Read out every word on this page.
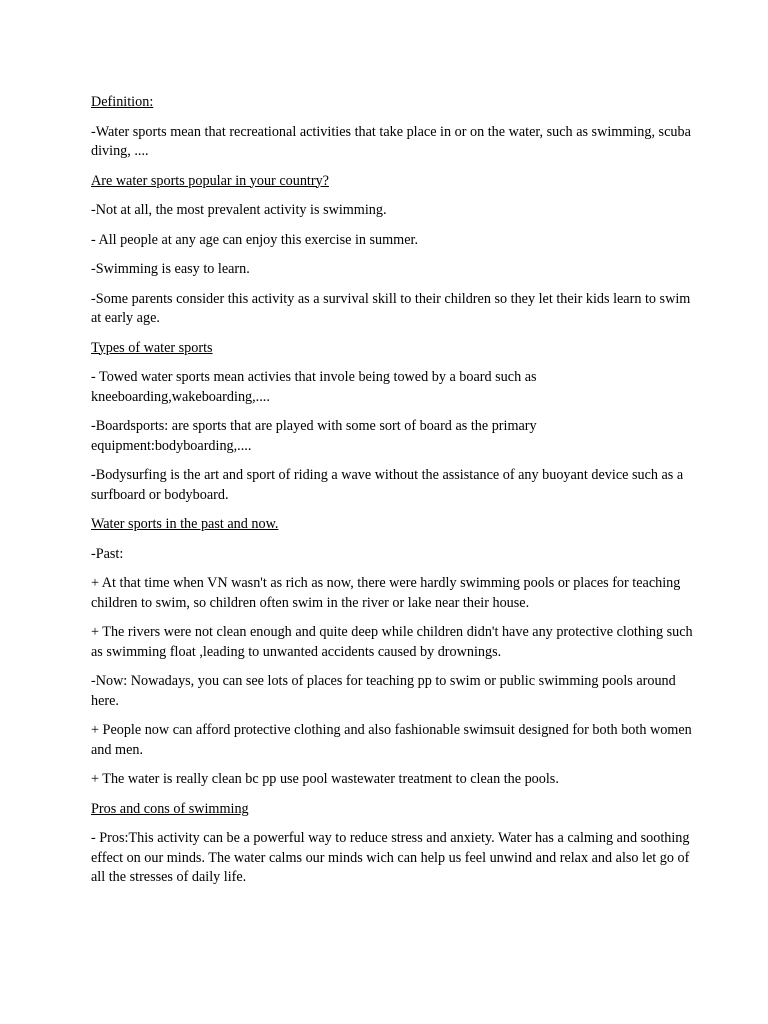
Definition:

-Water sports mean that recreational activities that take place in or on the water, such as swimming, scuba diving, ....

Are water sports popular in your country?

-Not at all, the most prevalent activity is swimming.

- All people at any age can enjoy this exercise in summer.

-Swimming is easy to learn.

-Some parents consider this activity as a survival skill to their children so they let their kids learn to swim at early age.

Types of water sports

- Towed water sports mean activies that invole being towed by a board such as kneeboarding,wakeboarding,....

-Boardsports: are sports that are played with some sort of board as the primary equipment:bodyboarding,....

-Bodysurfing is the art and sport of riding a wave without the assistance of any buoyant device such as a surfboard or bodyboard.

Water sports in the past and now.

-Past:

+ At that time when VN wasn't as rich as now, there were hardly swimming pools or places for teaching children to swim, so children often swim in the river or lake near their house.

+ The rivers were not clean enough and quite deep while children didn't have any protective clothing such as swimming float ,leading to unwanted accidents caused by drownings.

-Now: Nowadays, you can see lots of places for teaching pp to swim or public swimming pools around here.

+ People now can afford protective clothing and also fashionable swimsuit designed for both both women and men.

+ The water is really clean bc pp use pool wastewater treatment to clean the pools.

Pros and cons of swimming

- Pros:This activity can be a powerful way to reduce stress and anxiety. Water has a calming and soothing effect on our minds. The water calms our minds wich can help us feel unwind and relax and also let go of all the stresses of daily life.
